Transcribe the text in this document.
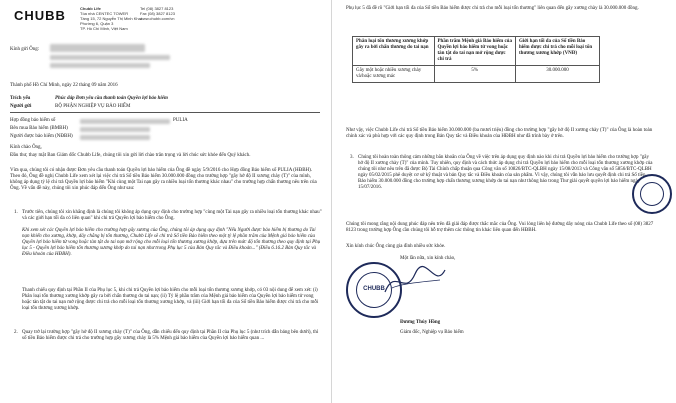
CHUBB	Chubb Life
Tòa nhà CENTEC TOWER
Tầng 15, 72 Nguyễn Thị Minh Khai
Phường 6, Quận 3
TP. Hồ Chí Minh, Việt Nam
Tel (08) 3827 8123
Fax (08) 3827 8123
www.chubb.com/vn
Kính gửi Ông:
Thành phố Hồ Chí Minh, ngày 22 tháng 09 năm 2016
Trích yếu	Phúc đáp Đơn yêu cầu thanh toán Quyền lợi bảo hiểm
Người gửi	BỘ PHẬN NGHIỆP VỤ BẢO HIỂM
Hợp đồng bảo hiểm số	PULIA
Bên mua Bảo hiểm (BMBH)
Người được bảo hiểm (NĐBH)
Kính chào Ông,
Đầu thư, thay mặt Ban Giám đốc Chubb Life, chúng tôi xin gửi lời chào trân trọng và lời chúc sức khỏe đến Quý khách.
Vừa qua, chúng tôi có nhận được Đơn yêu cầu thanh toán Quyền lợi bảo hiểm của Ông đề ngày 5/9/2016 cho Hợp đồng Bảo hiểm số PULIA (HĐBH). Theo đó, Ông đề nghị Chubb Life xem xét lại việc chi trả Số tiền Bảo hiểm 30.000.000 đồng cho trường hợp "gãy hở độ II xương chày (T)" của mình, không áp dụng tỷ lệ chi trả Quyền lợi bảo hiểm "Khi cùng một Tai nạn gây ra nhiều loại tổn thương khác nhau" cho trường hợp chấn thương nêu trên của Ông. Về vấn đề này, chúng tôi xin phúc đáp đến Ông như sau:
1. Trước tiên, chúng tôi xin khẳng định là chúng tôi không áp dụng quy định cho trường hợp "cùng một Tai nạn gây ra nhiều loại tổn thương khác nhau" và các giới hạn tối đa có liên quan" khi chi trả Quyền lợi bảo hiểm cho Ông.
Khi xem xét các Quyền lợi bảo hiểm cho trường hợp gãy xương của Ông, chúng tôi áp dụng quy định "Nếu Người được bảo hiểm bị thương do Tai nạn khiến cho xương, khớp, dây chằng bị tổn thương, Chubb Life sẽ chi trả Số tiền Bảo hiểm theo một tỷ lệ phần trăm của Mệnh giá bảo hiểm của Quyền lợi bảo hiểm từ vong hoặc tàn tật do tai nạn mở rộng cho mỗi loại tổn thương xương khớp, dựa trên mức độ tổn thương theo quy định tại Phụ lục 5 - Quyền lợi bảo hiểm tổn thương xương khớp do tai nạn như trong Phụ lục 5 của Bản Quy tắc và Điều khoản..." (Điều 6.16.2 Bản Quy tắc và Điều khoản của HĐBH).
Thanh chiếu quy định tại Phần II của Phụ lục 5, khi chi trả Quyền lợi bảo hiểm cho mỗi loại tổn thương xương khớp, có 03 nội dung để xem xét: (i) Phân loại tổn thương xương khớp gây ra bởi chấn thương do tai nạn; (ii) Tỷ lệ phần trăm của Mệnh giá bảo hiểm của Quyền lợi bảo hiểm tử vong hoặc tàn tật do tai nạn mở rộng được chi trả cho mỗi loại tổn thương xương khớp, và (iii) Giới hạn tối đa của Số tiền Bảo hiểm được chi trả cho mỗi loại tổn thương xương khớp.
2. Quay trở lại trường hợp "gãy hở độ II xương chày (T)" của Ông, dẫn chiếu đến quy định tại Phần II của Phụ lục 5 (như trích dẫn bảng bên dưới), thì số tiền Bảo hiểm được chi trả cho trường hợp gãy xương chày là 5% Mệnh giá bảo hiểm của Quyền lợi bảo hiểm quan ...
Phụ lục 5 đã đề rõ "Giới hạn tối đa của Số tiền Bảo hiểm được chi trả cho mỗi loại tổn thương" liên quan đến gãy xương chày là 30.000.000 đồng.
Phân loại tổn thương xương khớp gây ra bởi chấn thương do tai nạn	Phần trăm Mệnh giá Bảo hiểm của Quyền lợi bảo hiểm tử vong hoặc tàn tật do tai nạn mở rộng được chi trả	Giới hạn tối đa của Số tiền Bảo hiểm được chi trả cho mỗi loại tổn thương xương khớp (VNĐ)
Gãy một hoặc nhiều xương chày và/hoặc xương mác	5%	30.000.000
Như vậy, việc Chubb Life chi trả Số tiền Bảo hiểm 30.000.000 (ba mươi triệu) đồng cho trường hợp "gãy hở độ II xương chày (T)" của Ông là hoàn toàn chính xác và phù hợp với các quy định trong Bản Quy tắc và Điều khoản của HĐBH như đã trình bày ở trên.
3. Chúng tôi hoàn toàn thông cảm những băn khoăn của Ông về việc trên áp dụng quy định nào khi chi trả Quyền lợi bảo hiểm cho trường hợp "gãy hở độ II xương chày (T)" của mình. Tuy nhiên, quy định và cách thức áp dụng chi trả Quyền lợi bảo hiểm cho mỗi loại tổn thương xương khớp của chúng tôi như nêu trên đã được Bộ Tài Chính chấp thuận qua Công văn số 10826/BTC-QLBH ngày 15/08/2013 và Công văn số 5856/BTC-QLBH ngày 05/02/2015 phê duyệt cơ sở kỹ thuật và bản Quy tắc và Điều khoản của sản phẩm. Vì vậy, chúng tôi vẫn bảo lưu quyết định chi trả Số tiền Bảo hiểm 30.000.000 đồng cho trường hợp chấn thương xương khớp do tai nạn như thông báo trong Thư giải quyết quyền lợi bảo hiểm ngày 15/07/2016.
Chúng tôi mong rằng nội dung phúc đáp nêu trên đã giải đáp được thắc mắc của Ông. Vui lòng liên hệ đường dây nóng của Chubb Life theo số (08) 3827 8123 trong trường hợp Ông cần chúng tôi hỗ trợ thêm các thông tin khác liên quan đến HĐBH.
Xin kính chúc Ông cùng gia đình nhiều sức khỏe.
Một lần nữa, xin kính chào,
CHUBB
Đương Thúy Hồng
Giám đốc, Nghiệp vụ Bảo hiểm
